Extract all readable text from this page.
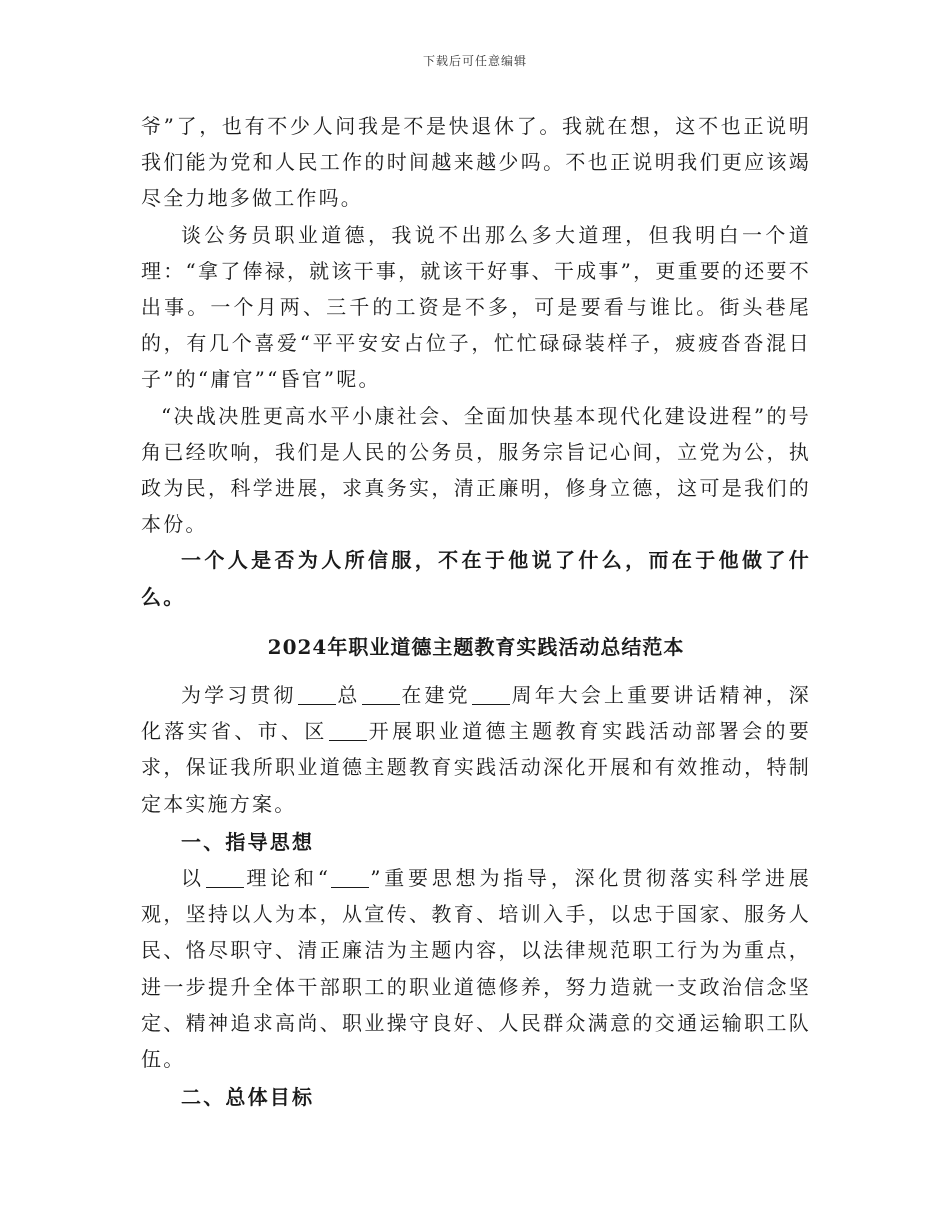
下载后可任意编辑

爷”了，也有不少人问我是不是快退休了。我就在想，这不也正说明我们能为党和人民工作的时间越来越少吗。不也正说明我们更应该竭尽全力地多做工作吗。

谈公务员职业道德，我说不出那么多大道理，但我明白一个道理：“拿了俸禄，就该干事，就该干好事、干成事”，更重要的还要不出事。一个月两、三千的工资是不多，可是要看与谁比。街头巷尾的，有几个喜爱“平平安安占位子，忙忙碌碌装样子，疲疲沓沓混日子”的“庸官”“昏官”呢。

“决战决胜更高水平小康社会、全面加快基本现代化建设进程”的号角已经吹响，我们是人民的公务员，服务宗旨记心间，立党为公，执政为民，科学进展，求真务实，清正廉明，修身立德，这可是我们的本份。

一个人是否为人所信服，不在于他说了什么，而在于他做了什么。

2024年职业道德主题教育实践活动总结范本

为学习贯彻 总 在建党 周年大会上重要讲话精神，深化落实省、市、区 开展职业道德主题教育实践活动部署会的要求，保证我所职业道德主题教育实践活动深化开展和有效推动，特制定本实施方案。

一、指导思想

以 理论和“ ”重要思想为指导，深化贯彻落实科学进展观，坚持以人为本，从宣传、教育、培训入手，以忠于国家、服务人民、恪尽职守、清正廉洁为主题内容，以法律规范职工行为为重点，进一步提升全体干部职工的职业道德修养，努力造就一支政治信念坚定、精神追求高尚、职业操守良好、人民群众满意的交通运输职工队伍。

二、总体目标
